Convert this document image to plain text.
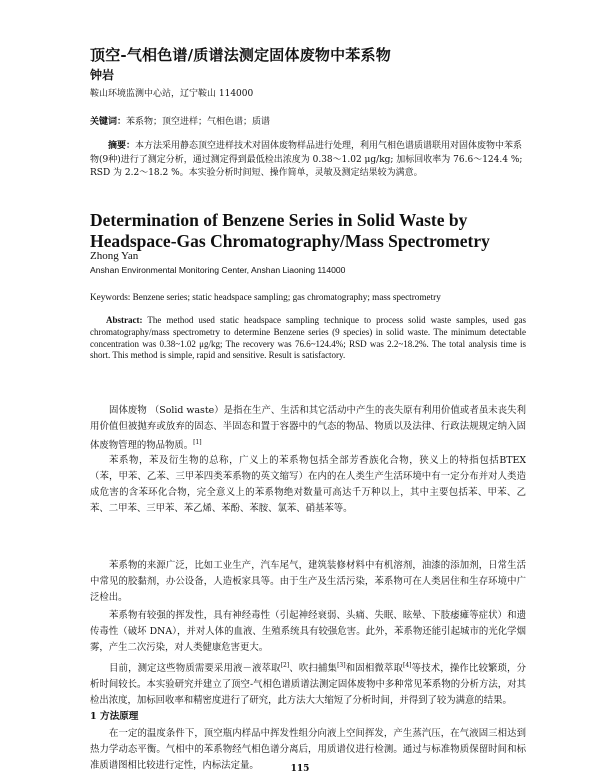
顶空-气相色谱/质谱法测定固体废物中苯系物
钟岩
鞍山环境监测中心站，辽宁鞍山 114000
关键词：苯系物；顶空进样；气相色谱；质谱
摘要：本方法采用静态顶空进样技术对固体废物样品进行处理，利用气相色谱质谱联用对固体废物中苯系物(9种)进行了测定分析，通过测定得到最低检出浓度为 0.38～1.02 μg/kg; 加标回收率为 76.6～124.4 %; RSD 为 2.2～18.2 %。本实验分析时间短、操作简单，灵敏及测定结果较为满意。
Determination of Benzene Series in Solid Waste by Headspace-Gas Chromatography/Mass Spectrometry
Zhong Yan
Anshan Environmental Monitoring Center, Anshan Liaoning 114000
Keywords: Benzene series; static headspace sampling; gas chromatography; mass spectrometry
Abstract: The method used static headspace sampling technique to process solid waste samples, used gas chromatography/mass spectrometry to determine Benzene series (9 species) in solid waste. The minimum detectable concentration was 0.38~1.02 μg/kg; The recovery was 76.6~124.4%; RSD was 2.2~18.2%. The total analysis time is short. This method is simple, rapid and sensitive. Result is satisfactory.

固体废物 （Solid waste）是指在生产、生活和其它活动中产生的丧失原有利用价值或者虽未丧失利用价值但被抛弃或放弃的固态、半固态和置于容器中的气态的物品、物质以及法律、行政法规规定纳入固体废物管理的物品物质。[1]

苯系物，苯及衍生物的总称，广义上的苯系物包括全部芳香族化合物，狭义上的特指包括BTEX（苯，甲苯、乙苯、三甲苯四类苯系物的英文缩写）在内的在人类生产生活环境中有一定分布并对人类造成危害的含苯环化合物，完全意义上的苯系物绝对数量可高达千万种以上，其中主要包括苯、甲苯、乙苯、二甲苯、三甲苯、苯乙烯、苯酚、苯胺、氯苯、硝基苯等。

苯系物的来源广泛，比如工业生产，汽车尾气，建筑装修材料中有机溶剂，油漆的添加剂，日常生活中常见的胶黏剂，办公设备，人造板家具等。由于生产及生活污染，苯系物可在人类居住和生存环境中广泛检出。

苯系物有较强的挥发性，具有神经毒性（引起神经衰弱、头痛、失眠、眩晕、下肢痿瘫等症状）和遗传毒性（破坏 DNA），并对人体的血液、生殖系统具有较强危害。此外，苯系物还能引起城市的光化学烟雾，产生二次污染，对人类健康危害更大。

目前，测定这些物质需要采用液－液萃取[2]、吹扫捕集[3]和固相微萃取[4]等技术，操作比较繁琐，分析时间较长。本实验研究并建立了顶空-气相色谱质谱法测定固体废物中多种常见苯系物的分析方法，对其检出浓度，加标回收率和精密度进行了研究，此方法大大缩短了分析时间，并得到了较为满意的结果。

1 方法原理

在一定的温度条件下，顶空瓶内样品中挥发性组分向液上空间挥发，产生蒸汽压，在气液固三相达到热力学动态平衡。气相中的苯系物经气相色谱分离后，用质谱仪进行检测。通过与标准物质保留时间和标准质谱图相比较进行定性，内标法定量。	115
